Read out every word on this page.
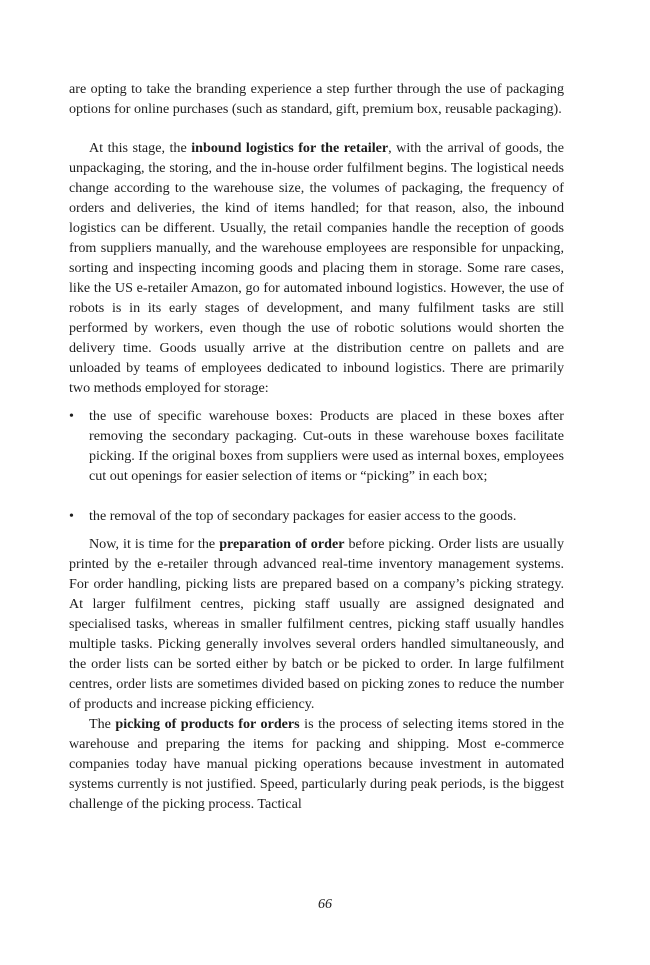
are opting to take the branding experience a step further through the use of packaging options for online purchases (such as standard, gift, premium box, reusable packaging).

At this stage, the inbound logistics for the retailer, with the arrival of goods, the unpackaging, the storing, and the in-house order fulfilment begins. The logistical needs change according to the warehouse size, the volumes of packaging, the frequency of orders and deliveries, the kind of items handled; for that reason, also, the inbound logistics can be different. Usually, the retail companies handle the reception of goods from suppliers manually, and the warehouse employees are responsible for unpacking, sorting and inspecting incoming goods and placing them in storage. Some rare cases, like the US e-retailer Amazon, go for automated inbound logistics. However, the use of robots is in its early stages of development, and many fulfilment tasks are still performed by workers, even though the use of robotic solutions would shorten the delivery time. Goods usually arrive at the distribution centre on pallets and are unloaded by teams of employees dedicated to inbound logistics. There are primarily two methods employed for storage:

• the use of specific warehouse boxes: Products are placed in these boxes after removing the secondary packaging. Cut-outs in these warehouse boxes facilitate picking. If the original boxes from suppliers were used as internal boxes, employees cut out openings for easier selection of items or “picking” in each box;
• the removal of the top of secondary packages for easier access to the goods.

Now, it is time for the preparation of order before picking. Order lists are usually printed by the e-retailer through advanced real-time inventory management systems. For order handling, picking lists are prepared based on a company’s picking strategy. At larger fulfilment centres, picking staff usually are assigned designated and specialised tasks, whereas in smaller fulfilment centres, picking staff usually handles multiple tasks. Picking generally involves several orders handled simultaneously, and the order lists can be sorted either by batch or be picked to order. In large fulfilment centres, order lists are sometimes divided based on picking zones to reduce the number of products and increase picking efficiency.

The picking of products for orders is the process of selecting items stored in the warehouse and preparing the items for packing and shipping. Most e-commerce companies today have manual picking operations because investment in automated systems currently is not justified. Speed, particularly during peak periods, is the biggest challenge of the picking process. Tactical

66
